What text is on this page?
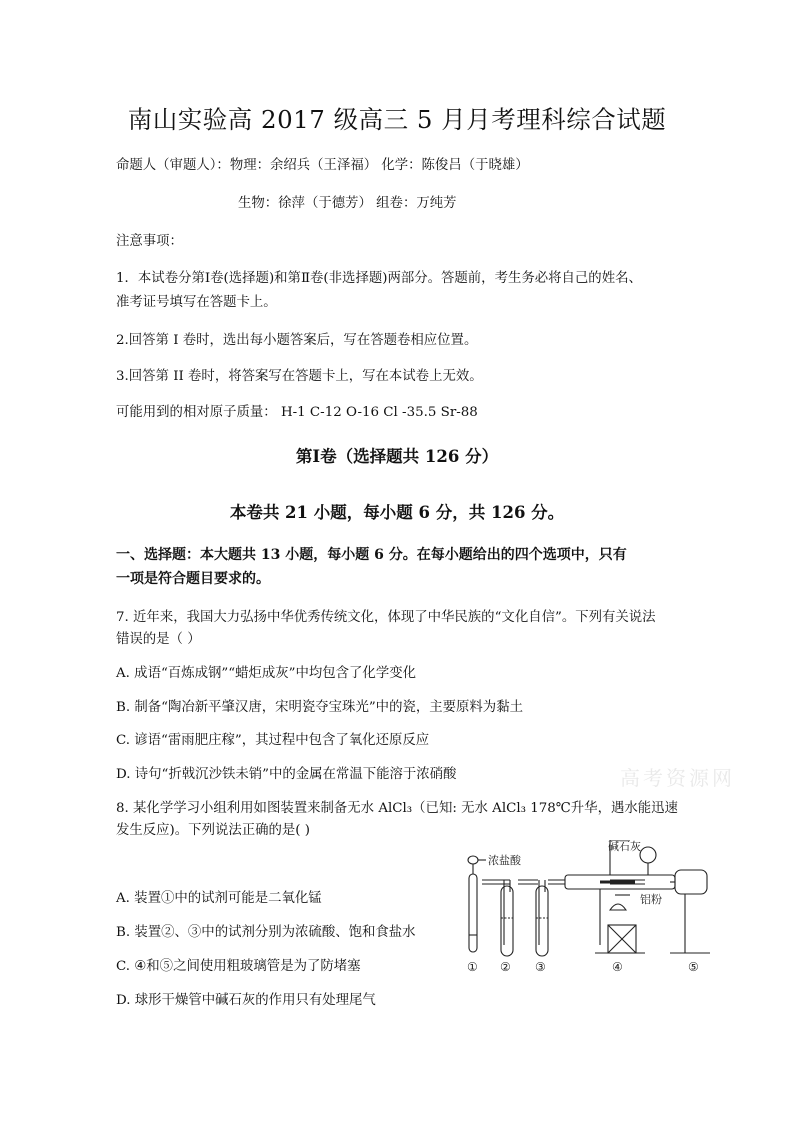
南山实验高 2017 级高三 5 月月考理科综合试题
命题人（审题人）：物理：余绍兵（王泽福） 化学：陈俊吕（于晓雄）
生物：徐萍（于德芳） 组卷：万纯芳
注意事项：
1．本试卷分第Ⅰ卷(选择题)和第Ⅱ卷(非选择题)两部分。答题前，考生务必将自己的姓名、
准考证号填写在答题卡上。
2.回答第 I 卷时，选出每小题答案后，写在答题卷相应位置。
3.回答第 II 卷时，将答案写在答题卡上，写在本试卷上无效。
可能用到的相对原子质量： H-1 C-12 O-16 Cl -35.5 Sr-88
第Ⅰ卷（选择题共 126 分）
本卷共 21 小题，每小题 6 分，共 126 分。
一、选择题：本大题共 13 小题，每小题 6 分。在每小题给出的四个选项中，只有
一项是符合题目要求的。
7. 近年来，我国大力弘扬中华优秀传统文化，体现了中华民族的“文化自信”。下列有关说法
错误的是（ ）
A. 成语“百炼成钢”“蜡炬成灰”中均包含了化学变化
B. 制备“陶冶新平肇汉唐，宋明瓷夺宝珠光”中的瓷，主要原料为黏土
C. 谚语“雷雨肥庄稼”，其过程中包含了氧化还原反应
D. 诗句“折戟沉沙铁未销”中的金属在常温下能溶于浓硝酸	高考资源网
8. 某化学学习小组利用如图装置来制备无水 AlCl₃（已知: 无水 AlCl₃ 178℃升华，遇水能迅速
发生反应)。下列说法正确的是( )
A. 装置①中的试剂可能是二氧化锰
B. 装置②、③中的试剂分别为浓硫酸、饱和食盐水
C. ④和⑤之间使用粗玻璃管是为了防堵塞
D. 球形干燥管中碱石灰的作用只有处理尾气
浓盐酸
① ② ③
碱石灰
铝粉
④	⑤
